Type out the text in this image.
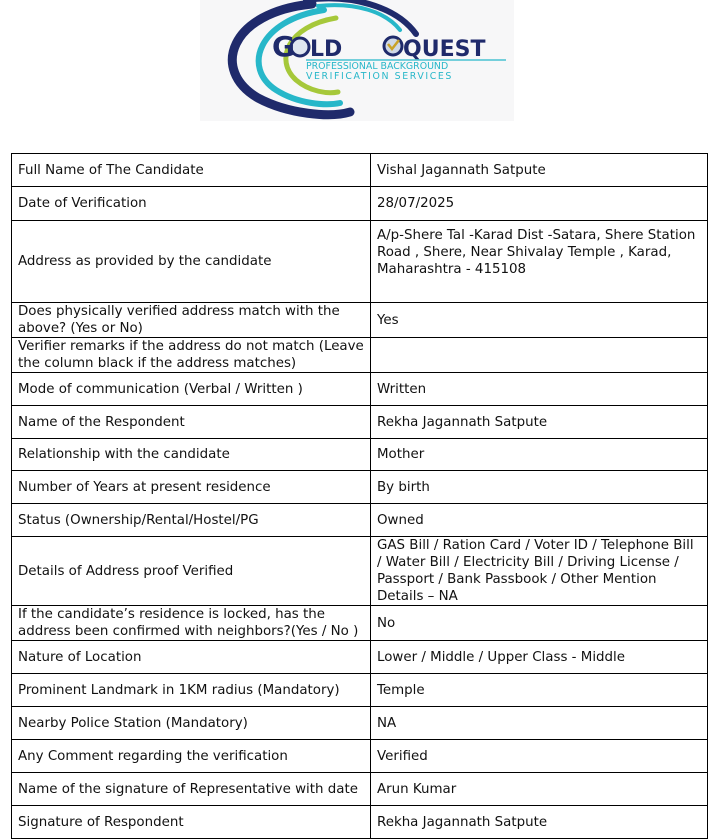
G LD	QUEST
PROFESSIONAL BACKGROUND
VERIFICATION SERVICES
Full Name of The Candidate	Vishal Jagannath Satpute
Date of Verification	28/07/2025
Address as provided by the candidate	A/p-Shere Tal -Karad Dist -Satara, Shere Station Road , Shere, Near Shivalay Temple , Karad, Maharashtra - 415108
Does physically verified address match with the above? (Yes or No)	Yes
Verifier remarks if the address do not match (Leave the column black if the address matches)	
Mode of communication (Verbal / Written )	Written
Name of the Respondent	Rekha Jagannath Satpute
Relationship with the candidate	Mother
Number of Years at present residence	By birth
Status (Ownership/Rental/Hostel/PG	Owned
Details of Address proof Verified	GAS Bill / Ration Card / Voter ID / Telephone Bill / Water Bill / Electricity Bill / Driving License / Passport / Bank Passbook / Other Mention Details – NA
If the candidate’s residence is locked, has the address been confirmed with neighbors?(Yes / No )	No
Nature of Location	Lower / Middle / Upper Class - Middle
Prominent Landmark in 1KM radius (Mandatory)	Temple
Nearby Police Station (Mandatory)	NA
Any Comment regarding the verification	Verified
Name of the signature of Representative with date	Arun Kumar
Signature of Respondent	Rekha Jagannath Satpute
